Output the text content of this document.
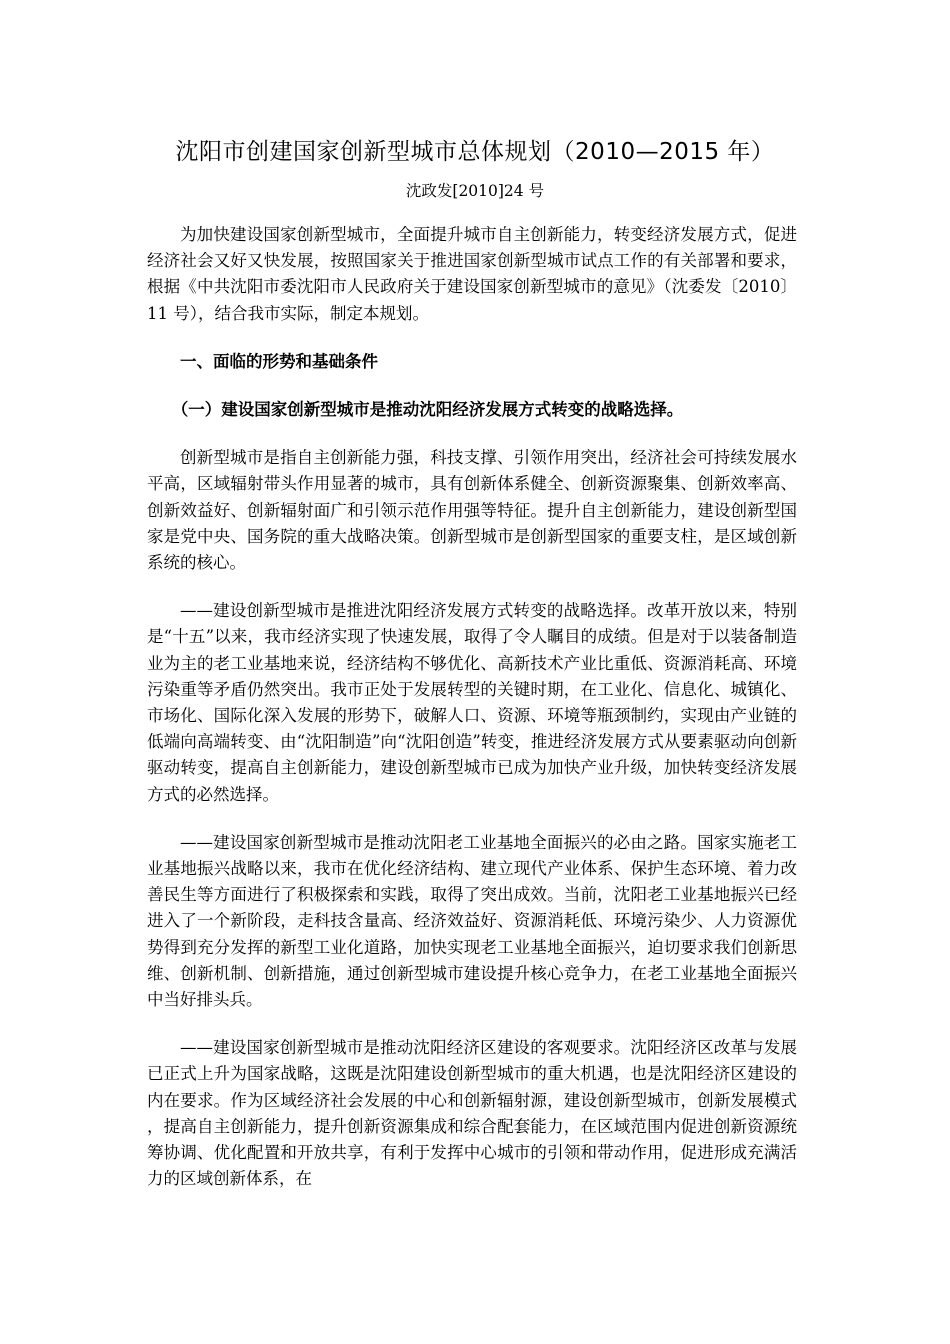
沈阳市创建国家创新型城市总体规划（2010—2015 年）
沈政发[2010]24 号

为加快建设国家创新型城市，全面提升城市自主创新能力，转变经济发展方式，促进经济社会又好又快发展，按照国家关于推进国家创新型城市试点工作的有关部署和要求，根据《中共沈阳市委沈阳市人民政府关于建设国家创新型城市的意见》（沈委发〔2010〕11 号），结合我市实际，制定本规划。

一、面临的形势和基础条件

（一）建设国家创新型城市是推动沈阳经济发展方式转变的战略选择。

创新型城市是指自主创新能力强，科技支撑、引领作用突出，经济社会可持续发展水平高，区域辐射带头作用显著的城市，具有创新体系健全、创新资源聚集、创新效率高、创新效益好、创新辐射面广和引领示范作用强等特征。提升自主创新能力，建设创新型国家是党中央、国务院的重大战略决策。创新型城市是创新型国家的重要支柱，是区域创新系统的核心。

——建设创新型城市是推进沈阳经济发展方式转变的战略选择。改革开放以来，特别是“十五”以来，我市经济实现了快速发展，取得了令人瞩目的成绩。但是对于以装备制造业为主的老工业基地来说，经济结构不够优化、高新技术产业比重低、资源消耗高、环境污染重等矛盾仍然突出。我市正处于发展转型的关键时期，在工业化、信息化、城镇化、市场化、国际化深入发展的形势下，破解人口、资源、环境等瓶颈制约，实现由产业链的低端向高端转变、由“沈阳制造”向“沈阳创造”转变，推进经济发展方式从要素驱动向创新驱动转变，提高自主创新能力，建设创新型城市已成为加快产业升级，加快转变经济发展方式的必然选择。

——建设国家创新型城市是推动沈阳老工业基地全面振兴的必由之路。国家实施老工业基地振兴战略以来，我市在优化经济结构、建立现代产业体系、保护生态环境、着力改善民生等方面进行了积极探索和实践，取得了突出成效。当前，沈阳老工业基地振兴已经进入了一个新阶段，走科技含量高、经济效益好、资源消耗低、环境污染少、人力资源优势得到充分发挥的新型工业化道路，加快实现老工业基地全面振兴，迫切要求我们创新思维、创新机制、创新措施，通过创新型城市建设提升核心竞争力，在老工业基地全面振兴中当好排头兵。

——建设国家创新型城市是推动沈阳经济区建设的客观要求。沈阳经济区改革与发展已正式上升为国家战略，这既是沈阳建设创新型城市的重大机遇，也是沈阳经济区建设的内在要求。作为区域经济社会发展的中心和创新辐射源，建设创新型城市，创新发展模式，提高自主创新能力，提升创新资源集成和综合配套能力，在区域范围内促进创新资源统筹协调、优化配置和开放共享，有利于发挥中心城市的引领和带动作用，促进形成充满活力的区域创新体系，在
